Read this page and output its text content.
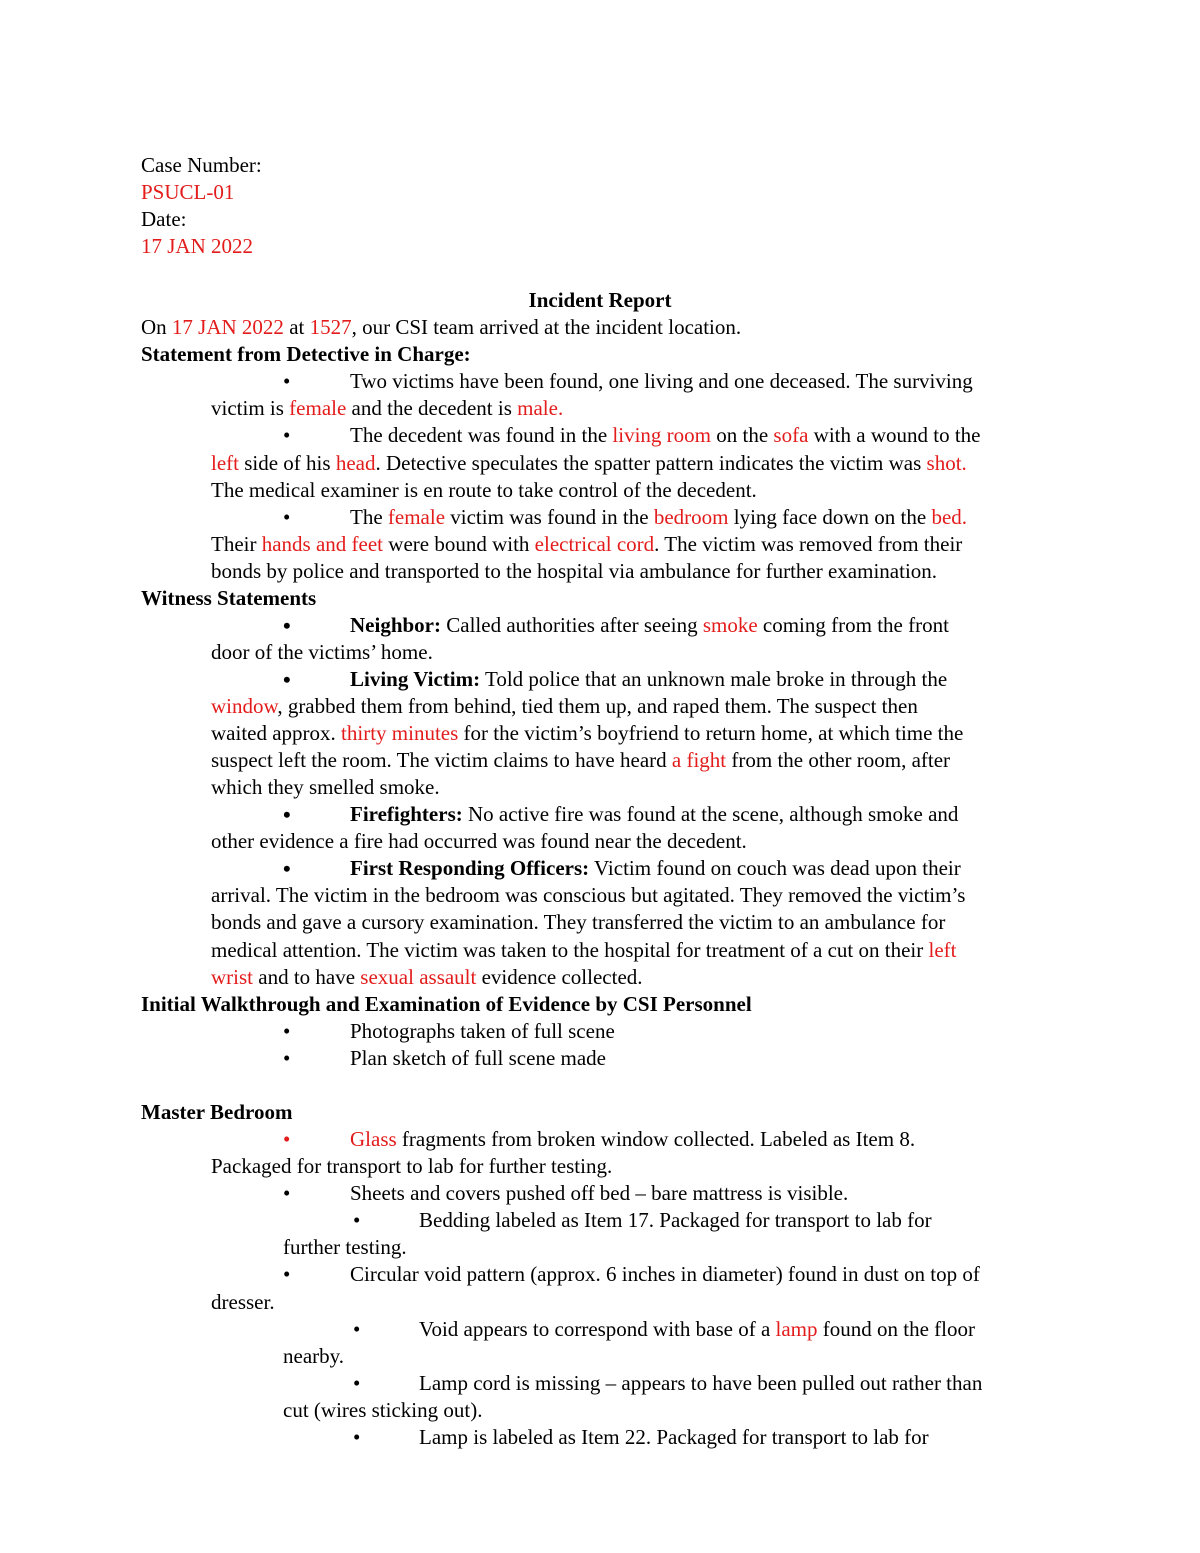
Case Number:
PSUCL-01
Date:
17 JAN 2022
Incident Report
On 17 JAN 2022 at 1527, our CSI team arrived at the incident location.
Statement from Detective in Charge:
•	Two victims have been found, one living and one deceased. The surviving
victim is female and the decedent is male.
•	The decedent was found in the living room on the sofa with a wound to the
left side of his head. Detective speculates the spatter pattern indicates the victim was shot.
The medical examiner is en route to take control of the decedent.
•	The female victim was found in the bedroom lying face down on the bed.
Their hands and feet were bound with electrical cord. The victim was removed from their
bonds by police and transported to the hospital via ambulance for further examination.
Witness Statements
•	Neighbor: Called authorities after seeing smoke coming from the front
door of the victims’ home.
•	Living Victim: Told police that an unknown male broke in through the
window, grabbed them from behind, tied them up, and raped them. The suspect then
waited approx. thirty minutes for the victim’s boyfriend to return home, at which time the
suspect left the room. The victim claims to have heard a fight from the other room, after
which they smelled smoke.
•	Firefighters: No active fire was found at the scene, although smoke and
other evidence a fire had occurred was found near the decedent.
•	First Responding Officers: Victim found on couch was dead upon their
arrival. The victim in the bedroom was conscious but agitated. They removed the victim’s
bonds and gave a cursory examination. They transferred the victim to an ambulance for
medical attention. The victim was taken to the hospital for treatment of a cut on their left
wrist and to have sexual assault evidence collected.
Initial Walkthrough and Examination of Evidence by CSI Personnel
•	Photographs taken of full scene
•	Plan sketch of full scene made
Master Bedroom
•	Glass fragments from broken window collected. Labeled as Item 8.
Packaged for transport to lab for further testing.
•	Sheets and covers pushed off bed – bare mattress is visible.
•	Bedding labeled as Item 17. Packaged for transport to lab for
further testing.
•	Circular void pattern (approx. 6 inches in diameter) found in dust on top of
dresser.
•	Void appears to correspond with base of a lamp found on the floor
nearby.
•	Lamp cord is missing – appears to have been pulled out rather than
cut (wires sticking out).
•	Lamp is labeled as Item 22. Packaged for transport to lab for
